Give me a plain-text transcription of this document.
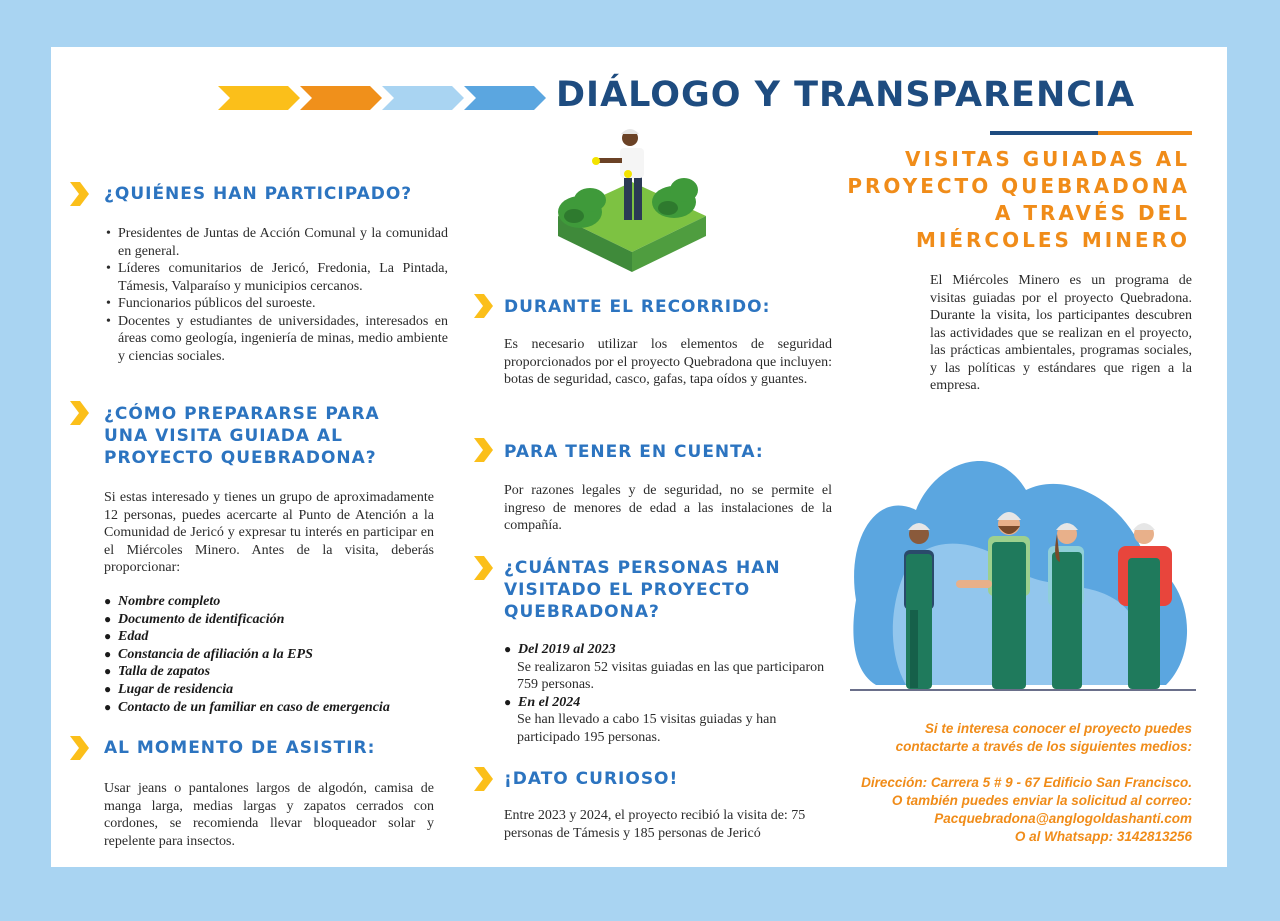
DIÁLOGO Y TRANSPARENCIA
VISITAS GUIADAS AL
PROYECTO QUEBRADONA
A TRAVÉS DEL
MIÉRCOLES MINERO
El Miércoles Minero es un programa de visitas guiadas por el proyecto Quebradona. Durante la visita, los participantes descubren las actividades que se realizan en el proyecto, las prácticas ambientales, programas sociales, y las políticas y estándares que rigen a la empresa.
¿QUIÉNES HAN PARTICIPADO?
• Presidentes de Juntas de Acción Comunal y la comunidad en general.
• Líderes comunitarios de Jericó, Fredonia, La Pintada, Támesis, Valparaíso y municipios cercanos.
• Funcionarios públicos del suroeste.
• Docentes y estudiantes de universidades, interesados en áreas como geología, ingeniería de minas, medio ambiente y ciencias sociales.
¿CÓMO PREPARARSE PARA
UNA VISITA GUIADA AL
PROYECTO QUEBRADONA?
Si estas interesado y tienes un grupo de aproximadamente 12 personas, puedes acercarte al Punto de Atención a la Comunidad de Jericó y expresar tu interés en participar en el Miércoles Minero. Antes de la visita, deberás proporcionar:
● Nombre completo
● Documento de identificación
● Edad
● Constancia de afiliación a la EPS
● Talla de zapatos
● Lugar de residencia
● Contacto de un familiar en caso de emergencia
AL MOMENTO DE ASISTIR:
Usar jeans o pantalones largos de algodón, camisa de manga larga, medias largas y zapatos cerrados con cordones, se recomienda llevar bloqueador solar y repelente para insectos.
DURANTE EL RECORRIDO:
Es necesario utilizar los elementos de seguridad proporcionados por el proyecto Quebradona que incluyen: botas de seguridad, casco, gafas, tapa oídos y guantes.
PARA TENER EN CUENTA:
Por razones legales y de seguridad, no se permite el ingreso de menores de edad a las instalaciones de la compañía.
¿CUÁNTAS PERSONAS HAN
VISITADO EL PROYECTO
QUEBRADONA?
● Del 2019 al 2023
Se realizaron 52 visitas guiadas en las que participaron 759 personas.
● En el 2024
Se han llevado a cabo 15 visitas guiadas y han participado 195 personas.
¡DATO CURIOSO!
Entre 2023 y 2024, el proyecto recibió la visita de: 75 personas de Támesis y 185 personas de Jericó
Si te interesa conocer el proyecto puedes
contactarte a través de los siguientes medios:
Dirección: Carrera 5 # 9 - 67 Edificio San Francisco.
O también puedes enviar la solicitud al correo:
Pacquebradona@anglogoldashanti.com
O al Whatsapp: 3142813256
